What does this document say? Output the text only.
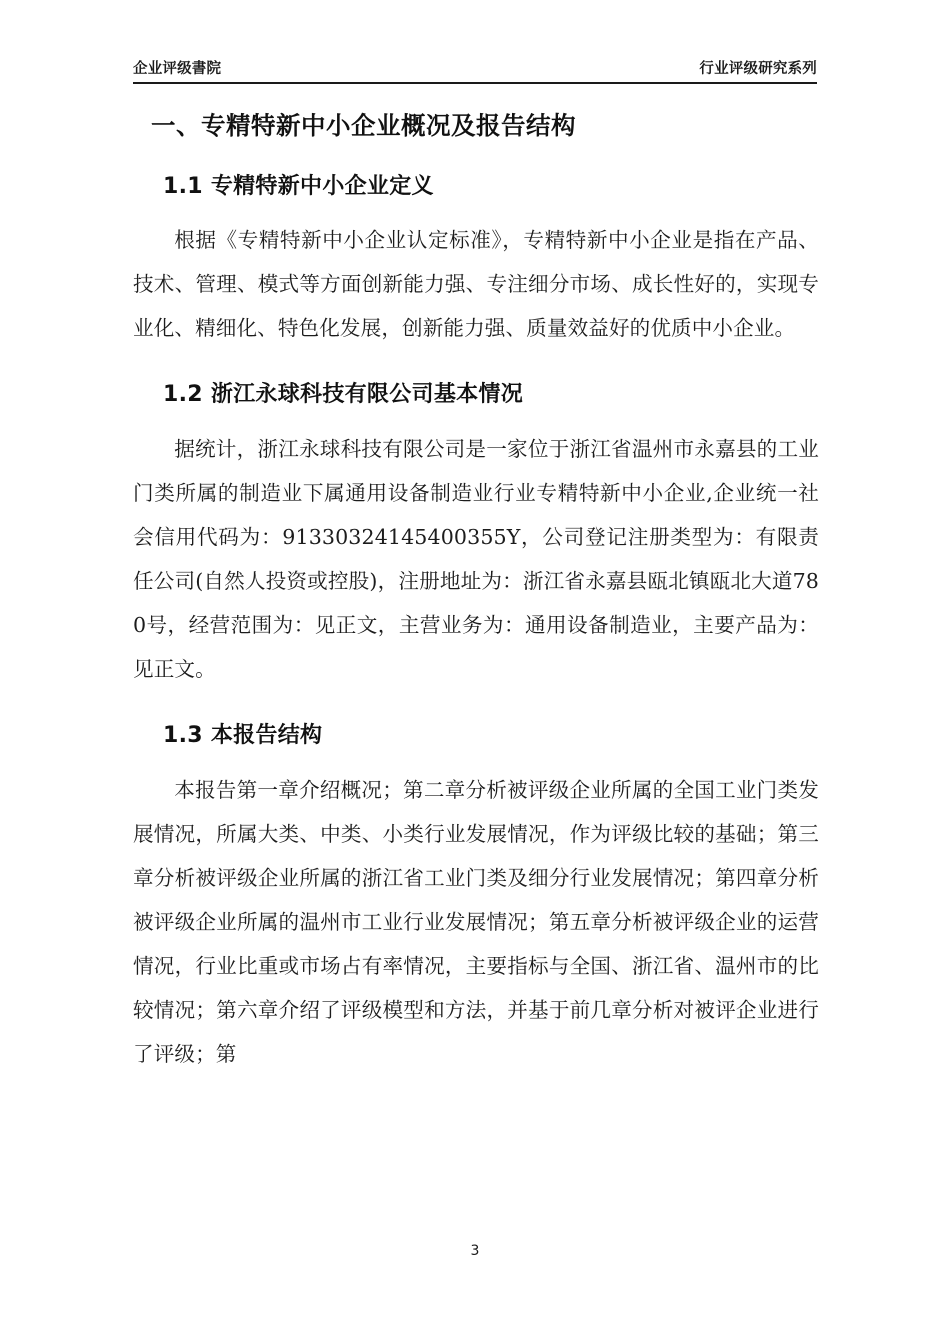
企业评级書院	行业评级研究系列
一、专精特新中小企业概况及报告结构
1.1 专精特新中小企业定义

根据《专精特新中小企业认定标准》，专精特新中小企业是指在产品、技术、管理、模式等方面创新能力强、专注细分市场、成长性好的，实现专业化、精细化、特色化发展，创新能力强、质量效益好的优质中小企业。

1.2 浙江永球科技有限公司基本情况

据统计，浙江永球科技有限公司是一家位于浙江省温州市永嘉县的工业门类所属的制造业下属通用设备制造业行业专精特新中小企业,企业统一社会信用代码为：91330324145400355Y，公司登记注册类型为：有限责任公司(自然人投资或控股)，注册地址为：浙江省永嘉县瓯北镇瓯北大道780号，经营范围为：见正文，主营业务为：通用设备制造业，主要产品为：见正文。

1.3 本报告结构

本报告第一章介绍概况；第二章分析被评级企业所属的全国工业门类发展情况，所属大类、中类、小类行业发展情况，作为评级比较的基础；第三章分析被评级企业所属的浙江省工业门类及细分行业发展情况；第四章分析被评级企业所属的温州市工业行业发展情况；第五章分析被评级企业的运营情况，行业比重或市场占有率情况，主要指标与全国、浙江省、温州市的比较情况；第六章介绍了评级模型和方法，并基于前几章分析对被评企业进行了评级；第

3
